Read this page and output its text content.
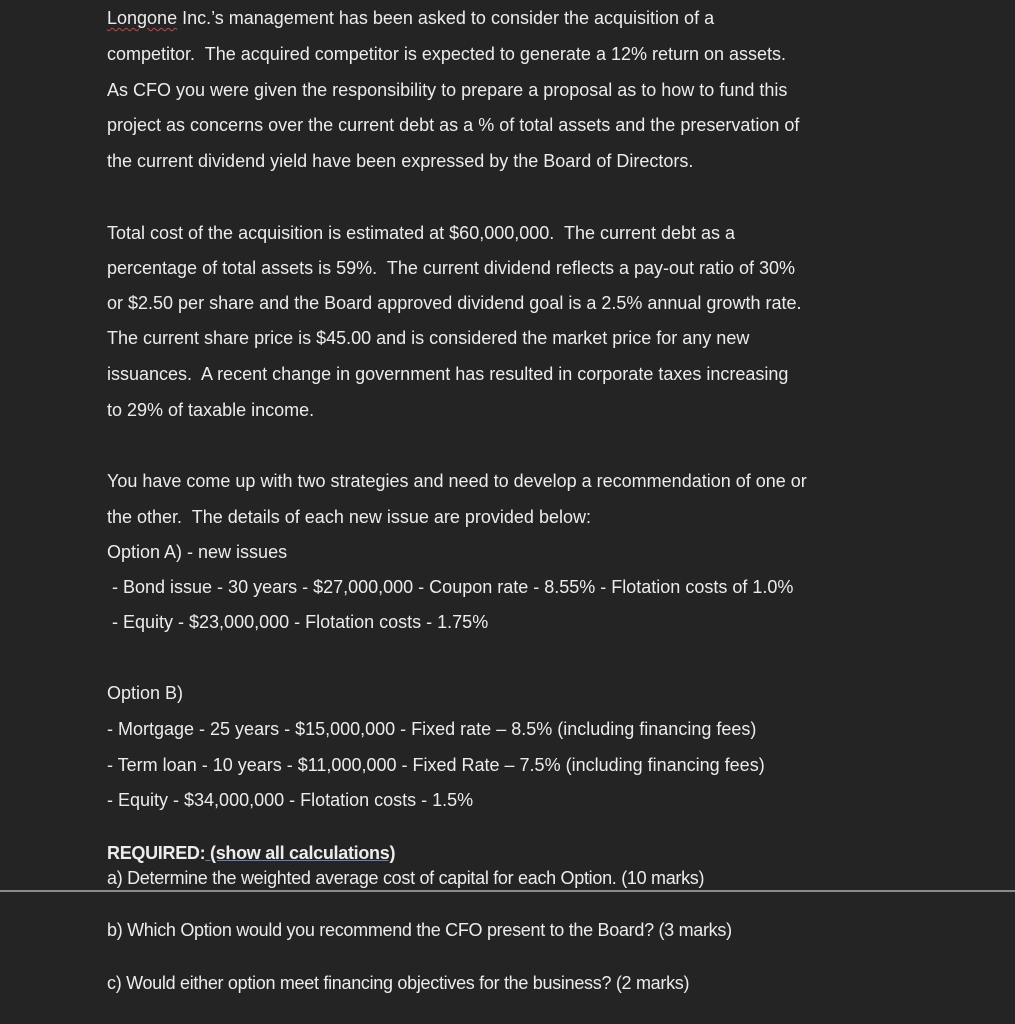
Longone Inc.’s management has been asked to consider the acquisition of a
competitor.  The acquired competitor is expected to generate a 12% return on assets.
As CFO you were given the responsibility to prepare a proposal as to how to fund this
project as concerns over the current debt as a % of total assets and the preservation of
the current dividend yield have been expressed by the Board of Directors.
Total cost of the acquisition is estimated at $60,000,000.  The current debt as a
percentage of total assets is 59%.  The current dividend reflects a pay-out ratio of 30%
or $2.50 per share and the Board approved dividend goal is a 2.5% annual growth rate.
The current share price is $45.00 and is considered the market price for any new
issuances.  A recent change in government has resulted in corporate taxes increasing
to 29% of taxable income.
You have come up with two strategies and need to develop a recommendation of one or
the other.  The details of each new issue are provided below:
Option A) - new issues
- Bond issue - 30 years - $27,000,000 - Coupon rate - 8.55% - Flotation costs of 1.0%
- Equity - $23,000,000 - Flotation costs - 1.75%
Option B)
- Mortgage - 25 years - $15,000,000 - Fixed rate – 8.5% (including financing fees)
- Term loan - 10 years - $11,000,000 - Fixed Rate – 7.5% (including financing fees)
- Equity - $34,000,000 - Flotation costs - 1.5%
REQUIRED: (show all calculations)
a) Determine the weighted average cost of capital for each Option. (10 marks)
b) Which Option would you recommend the CFO present to the Board? (3 marks)
c) Would either option meet financing objectives for the business? (2 marks)
